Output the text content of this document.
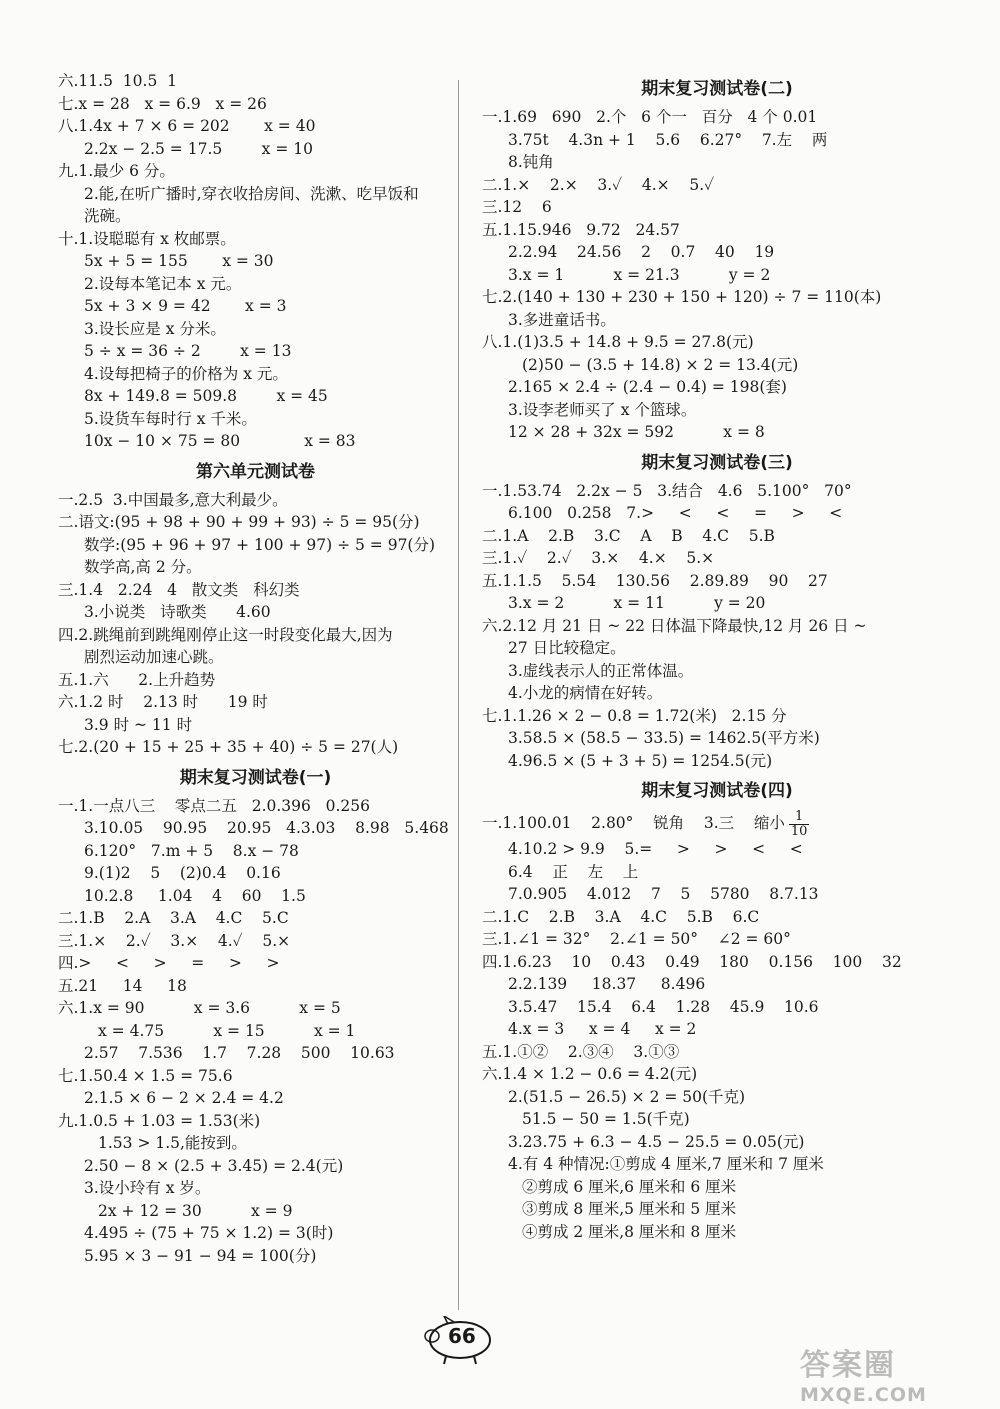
六.11.5  10.5  1
七.x = 28   x = 6.9   x = 26
八.1.4x + 7 × 6 = 202       x = 40
2.2x − 2.5 = 17.5        x = 10
九.1.最少 6 分。
2.能,在听广播时,穿衣收拾房间、洗漱、吃早饭和
洗碗。
十.1.设聪聪有 x 枚邮票。
5x + 5 = 155       x = 30
2.设每本笔记本 x 元。
5x + 3 × 9 = 42       x = 3
3.设长应是 x 分米。
5 ÷ x = 36 ÷ 2        x = 13
4.设每把椅子的价格为 x 元。
8x + 149.8 = 509.8        x = 45
5.设货车每时行 x 千米。
10x − 10 × 75 = 80             x = 83
第六单元测试卷
一.2.5  3.中国最多,意大利最少。
二.语文:(95 + 98 + 90 + 99 + 93) ÷ 5 = 95(分)
数学:(95 + 96 + 97 + 100 + 97) ÷ 5 = 97(分)
数学高,高 2 分。
三.1.4   2.24   4   散文类   科幻类
3.小说类   诗歌类      4.60
四.2.跳绳前到跳绳刚停止这一时段变化最大,因为
剧烈运动加速心跳。
五.1.六      2.上升趋势
六.1.2 时    2.13 时      19 时
3.9 时 ~ 11 时
七.2.(20 + 15 + 25 + 35 + 40) ÷ 5 = 27(人)
期末复习测试卷(一)
一.1.一点八三    零点二五   2.0.396   0.256
3.10.05    90.95    20.95   4.3.03    8.98   5.468
6.120°   7.m + 5    8.x − 78
9.(1)2    5    (2)0.4    0.16
10.2.8     1.04    4    60    1.5
二.1.B    2.A    3.A    4.C    5.C
三.1.×    2.✓    3.×    4.✓    5.×
四.>     <     >     =     >     >
五.21     14     18
六.1.x = 90          x = 3.6          x = 5
x = 4.75          x = 15          x = 1
2.57    7.536    1.7    7.28    500    10.63
七.1.50.4 × 1.5 = 75.6
2.1.5 × 6 − 2 × 2.4 = 4.2
九.1.0.5 + 1.03 = 1.53(米)
1.53 > 1.5,能按到。
2.50 − 8 × (2.5 + 3.45) = 2.4(元)
3.设小玲有 x 岁。
2x + 12 = 30          x = 9
4.495 ÷ (75 + 75 × 1.2) = 3(时)
5.95 × 3 − 91 − 94 = 100(分)
期末复习测试卷(二)
一.1.69   690   2.个   6 个一   百分   4 个 0.01
3.75t    4.3n + 1    5.6    6.27°    7.左    两
8.钝角
二.1.×    2.×    3.✓    4.×    5.✓
三.12    6
五.1.15.946   9.72   24.57
2.2.94    24.56    2    0.7    40    19
3.x = 1          x = 21.3          y = 2
七.2.(140 + 130 + 230 + 150 + 120) ÷ 7 = 110(本)
3.多进童话书。
八.1.(1)3.5 + 14.8 + 9.5 = 27.8(元)
(2)50 − (3.5 + 14.8) × 2 = 13.4(元)
2.165 × 2.4 ÷ (2.4 − 0.4) = 198(套)
3.设李老师买了 x 个篮球。
12 × 28 + 32x = 592          x = 8
期末复习测试卷(三)
一.1.53.74   2.2x − 5   3.结合   4.6   5.100°   70°
6.100   0.258   7.>     <     <     =     >     <
二.1.A    2.B    3.C    A    B    4.C    5.B
三.1.✓    2.✓    3.×    4.×    5.×
五.1.1.5    5.54    130.56    2.89.89    90    27
3.x = 2          x = 11          y = 20
六.2.12 月 21 日 ~ 22 日体温下降最快,12 月 26 日 ~
27 日比较稳定。
3.虚线表示人的正常体温。
4.小龙的病情在好转。
七.1.1.26 × 2 − 0.8 = 1.72(米)   2.15 分
3.58.5 × (58.5 − 33.5) = 1462.5(平方米)
4.96.5 × (5 + 3 + 5) = 1254.5(元)
期末复习测试卷(四)
一.1.100.01    2.80°    锐角    3.三    缩小 $\frac{1}{10}$
4.10.2 > 9.9    5.=     >     >     <     <
6.4    正    左    上
7.0.905    4.012    7    5    5780    8.7.13
二.1.C    2.B    3.A    4.C    5.B    6.C
三.1.∠1 = 32°    2.∠1 = 50°    ∠2 = 60°
四.1.6.23    10    0.43    0.49    180    0.156    100    32
2.2.139     18.37     8.496
3.5.47    15.4    6.4    1.28    45.9    10.6
4.x = 3     x = 4     x = 2
五.1.①②    2.③④    3.①③
六.1.4 × 1.2 − 0.6 = 4.2(元)
2.(51.5 − 26.5) × 2 = 50(千克)
51.5 − 50 = 1.5(千克)
3.23.75 + 6.3 − 4.5 − 25.5 = 0.05(元)
4.有 4 种情况:①剪成 4 厘米,7 厘米和 7 厘米
②剪成 6 厘米,6 厘米和 6 厘米
③剪成 8 厘米,5 厘米和 5 厘米
④剪成 2 厘米,8 厘米和 8 厘米
66
答案圈
MXQE.COM
